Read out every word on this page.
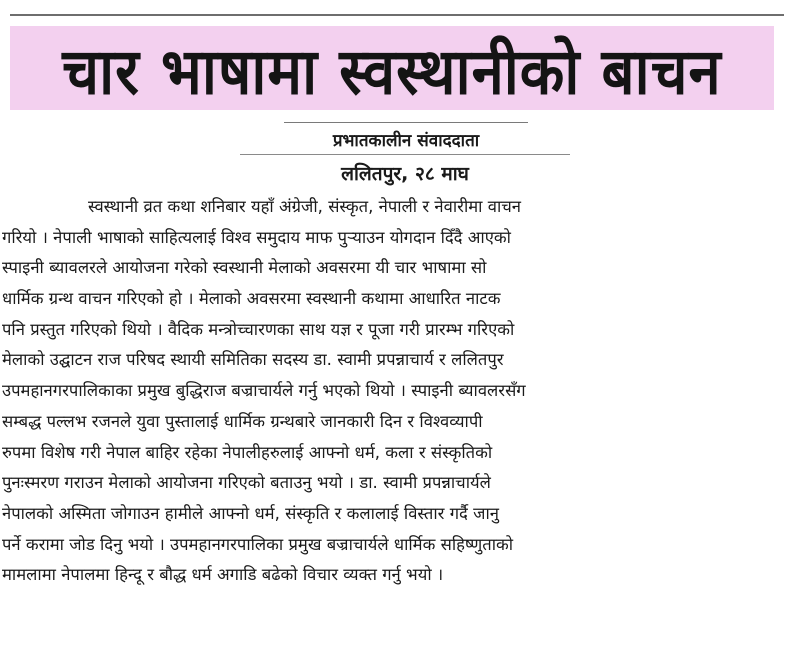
चार भाषामा स्वस्थानीको बाचन
प्रभातकालीन संवाददाता
ललितपुर, २८ माघ
स्वस्थानी व्रत कथा शनिबार यहाँ अंग्रेजी, संस्कृत, नेपाली र नेवारीमा वाचन
गरियो । नेपाली भाषाको साहित्यलाई विश्व समुदाय माफ पुऱ्याउन योगदान दिँदै आएको
स्पाइनी ब्यावलरले आयोजना गरेको स्वस्थानी मेलाको अवसरमा यी चार भाषामा सो
धार्मिक ग्रन्थ वाचन गरिएको हो । मेलाको अवसरमा स्वस्थानी कथामा आधारित नाटक
पनि प्रस्तुत गरिएको थियो । वैदिक मन्त्रोच्चारणका साथ यज्ञ र पूजा गरी प्रारम्भ गरिएको
मेलाको उद्घाटन राज परिषद स्थायी समितिका सदस्य डा. स्वामी प्रपन्नाचार्य र ललितपुर
उपमहानगरपालिकाका प्रमुख बुद्धिराज बज्राचार्यले गर्नु भएको थियो । स्पाइनी ब्यावलरसँग
सम्बद्ध पल्लभ रजनले युवा पुस्तालाई धार्मिक ग्रन्थबारे जानकारी दिन र विश्वव्यापी
रुपमा विशेष गरी नेपाल बाहिर रहेका नेपालीहरुलाई आफ्नो धर्म, कला र संस्कृतिको
पुनःस्मरण गराउन मेलाको आयोजना गरिएको बताउनु भयो । डा. स्वामी प्रपन्नाचार्यले
नेपालको अस्मिता जोगाउन हामीले आफ्नो धर्म, संस्कृति र कलालाई विस्तार गर्दै जानु
पर्ने करामा जोड दिनु भयो । उपमहानगरपालिका प्रमुख बज्राचार्यले धार्मिक सहिष्णुताको
मामलामा नेपालमा हिन्दू र बौद्ध धर्म अगाडि बढेको विचार व्यक्त गर्नु भयो ।
